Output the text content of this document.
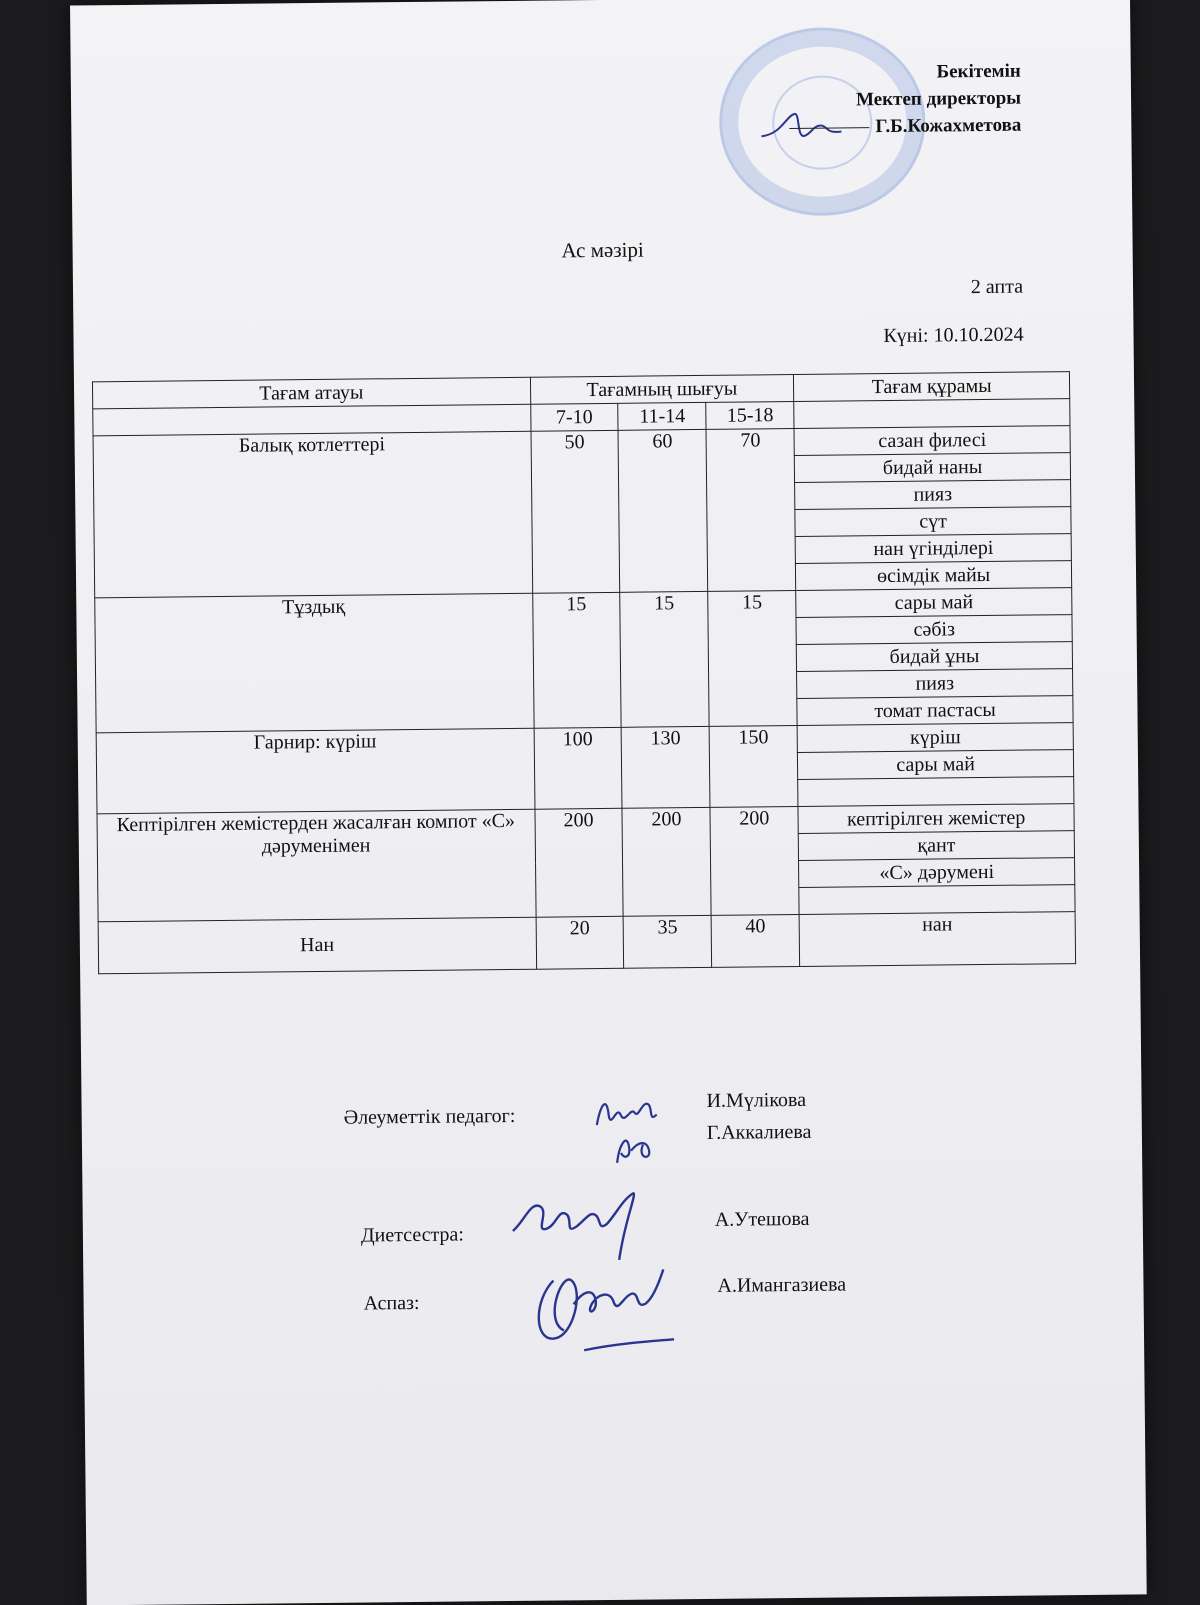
Бекітемін
Мектеп директоры
Г.Б.Кожахметова
Ас мәзірі
2 апта
Күні: 10.10.2024
Тағам атауы	Тағамның шығуы			Тағам құрамы
	7-10	11-14	15-18	
Балық котлеттері	50	60	70	сазан филесі
				бидай наны
				пияз
				сүт
				нан үгінділері
				өсімдік майы
Тұздық	15	15	15	сары май
				сәбіз
				бидай ұны
				пияз
				томат пастасы
Гарнир: күріш	100	130	150	күріш
				сары май

Кептірілген жемістерден жасалған компот «С» дәруменімен	200	200	200	кептірілген жемістер
				қант
				«С» дәрумені

Нан	20	35	40	нан
Әлеуметтік педагог:
И.Мүлікова
Г.Аккалиева
Диетсестра:
А.Утешова
Аспаз:
А.Имангазиева
